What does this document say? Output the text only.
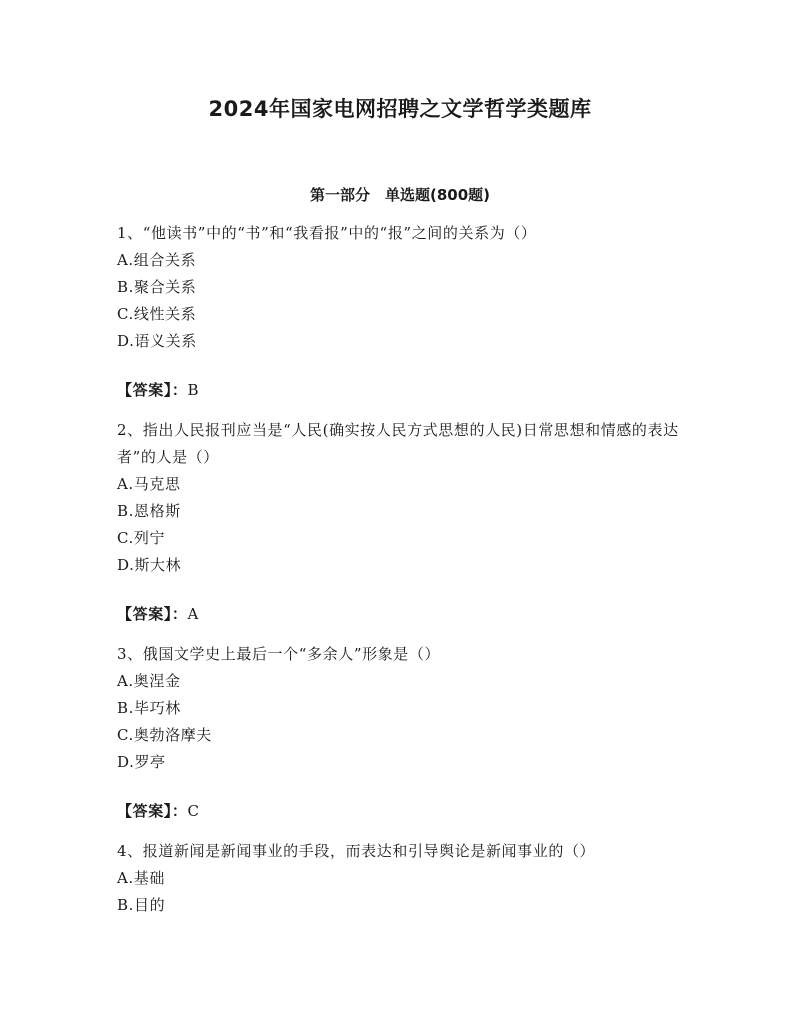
2024年国家电网招聘之文学哲学类题库
第一部分　单选题(800题)
1、“他读书”中的“书”和“我看报”中的“报”之间的关系为（）
A.组合关系
B.聚合关系
C.线性关系
D.语义关系
【答案】：B
2、指出人民报刊应当是“人民(确实按人民方式思想的人民)日常思想和情感的表达者”的人是（）
A.马克思
B.恩格斯
C.列宁
D.斯大林
【答案】：A
3、俄国文学史上最后一个“多余人”形象是（）
A.奥涅金
B.毕巧林
C.奥勃洛摩夫
D.罗亭
【答案】：C
4、报道新闻是新闻事业的手段，而表达和引导舆论是新闻事业的（）
A.基础
B.目的
